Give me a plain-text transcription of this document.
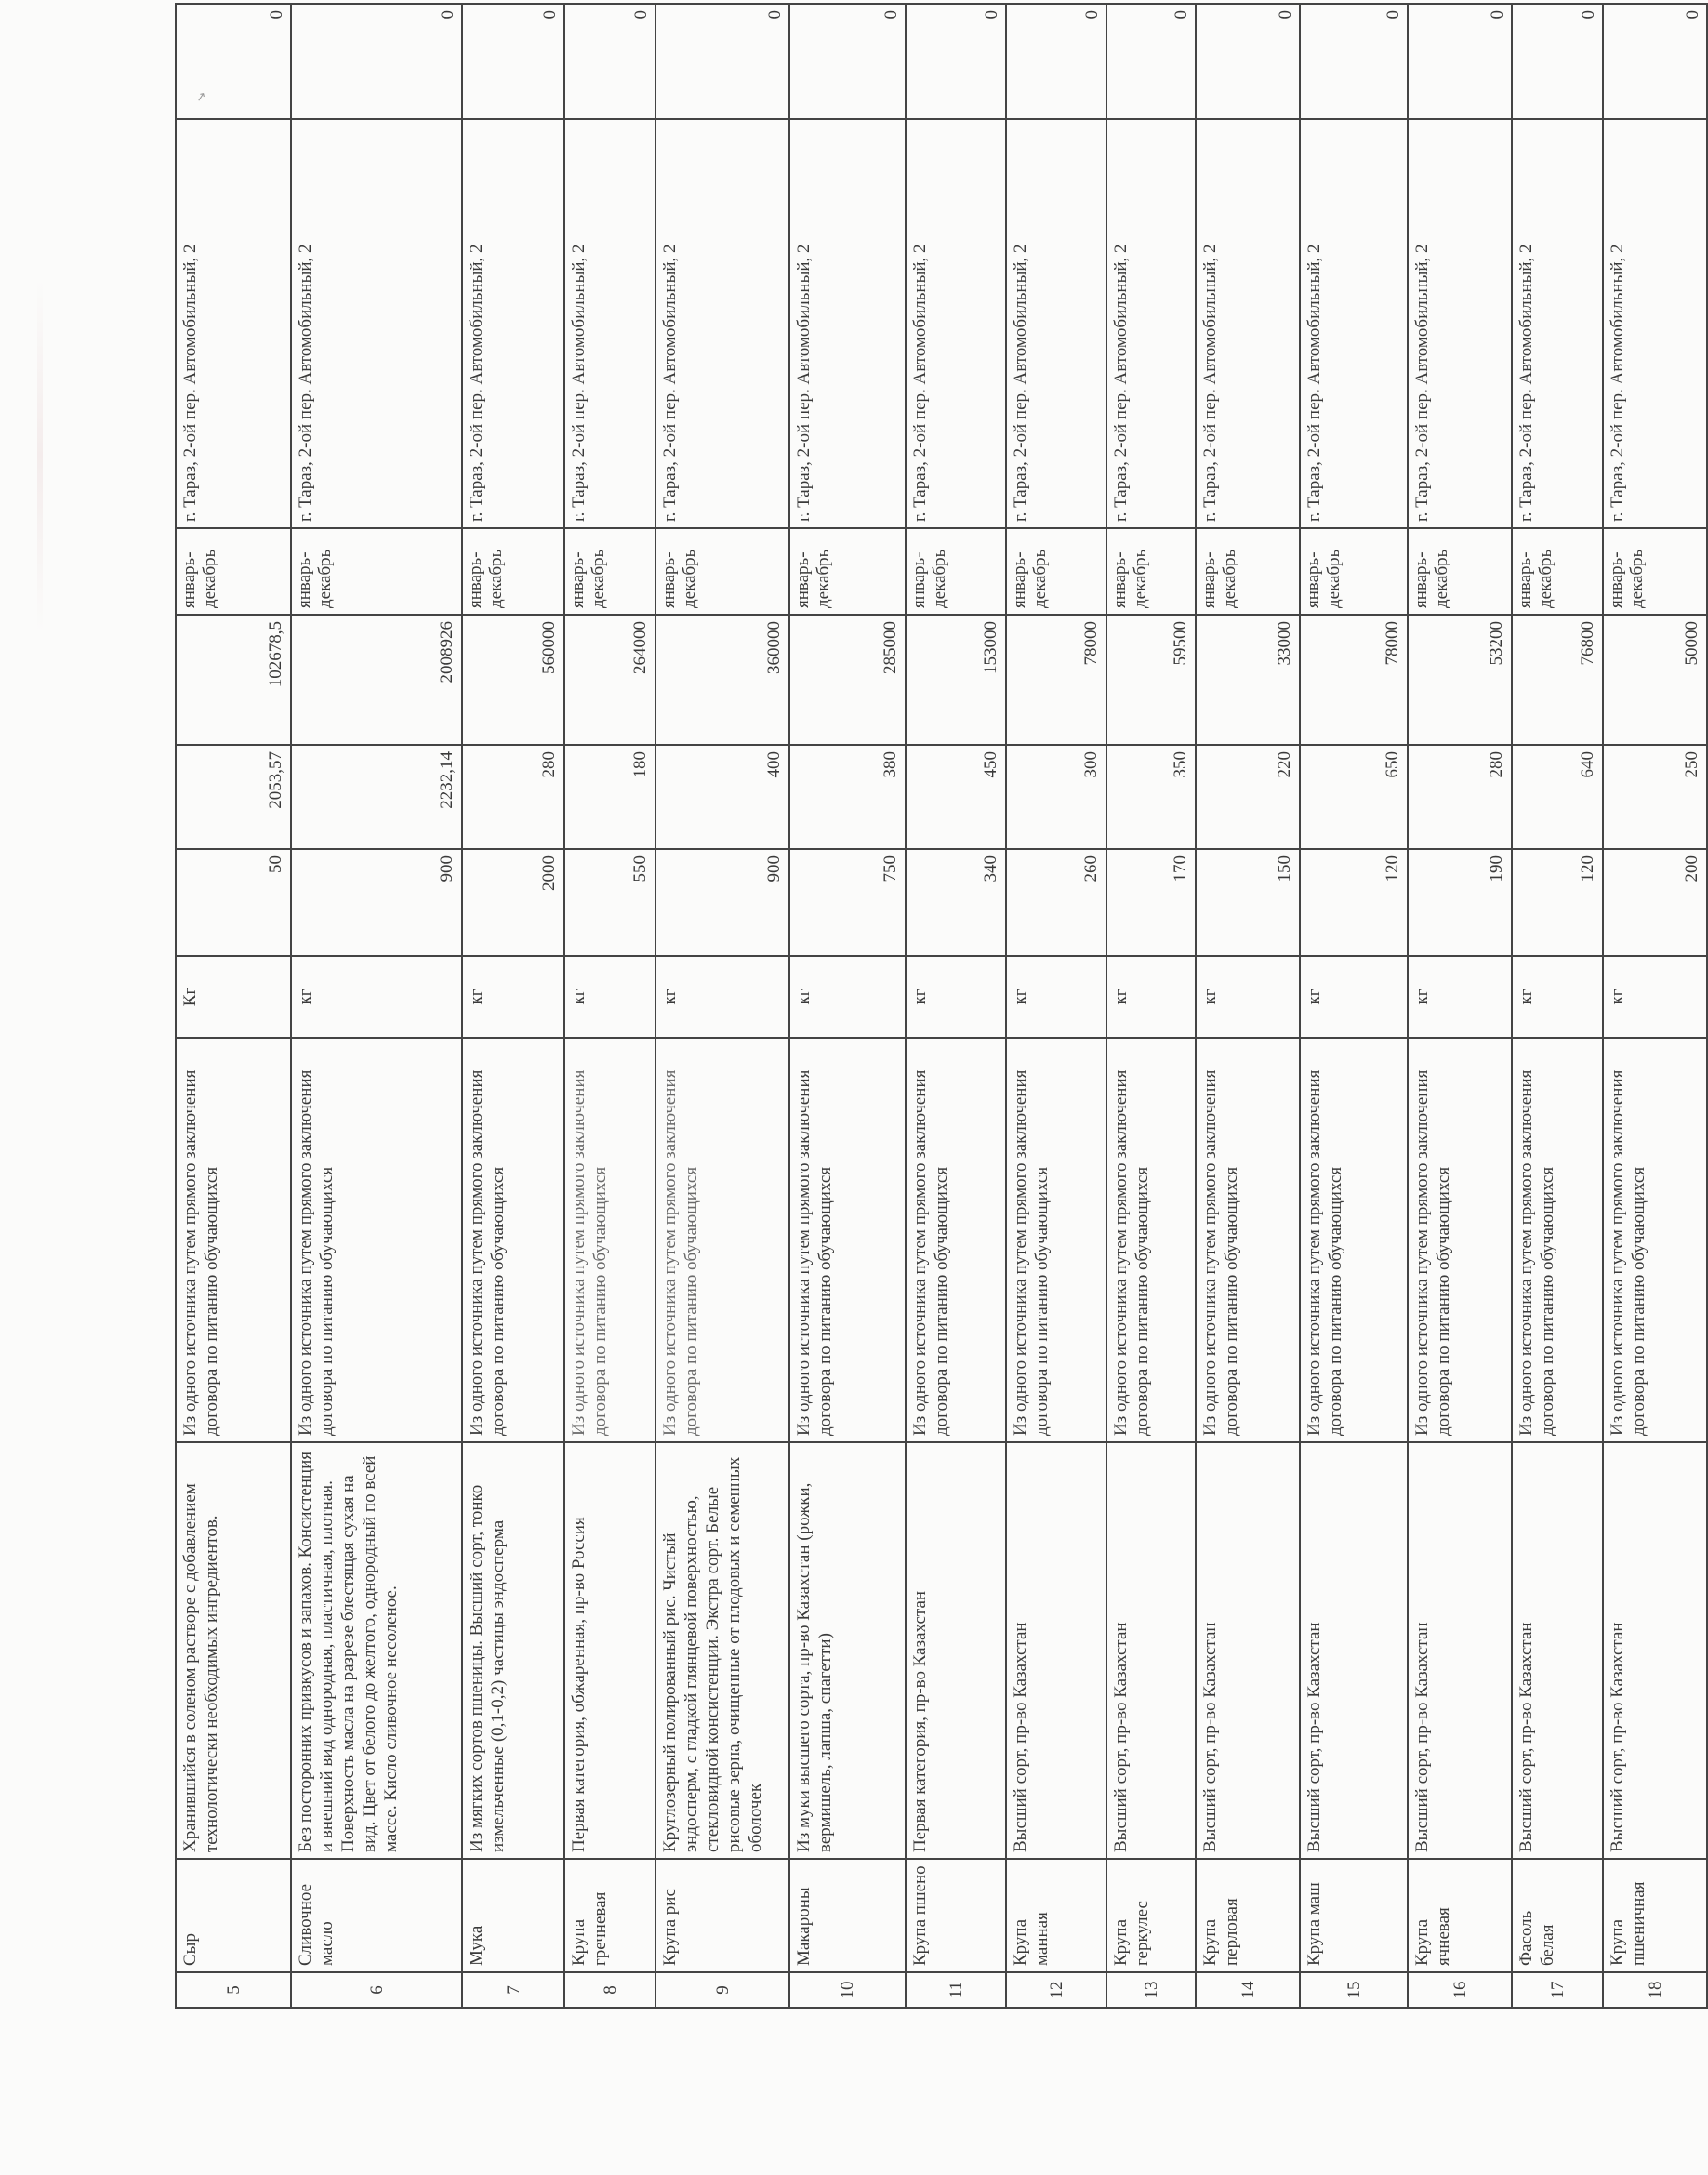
↗
5	Сыр	Хранившийся в соленом растворе с добавлением технологически необходимых ингредиентов.	Из одного источника путем прямого заключения договора по питанию обучающихся	Кг	50	2053,57	102678,5	январь-декабрь	г. Тараз, 2-ой пер. Автомобильный, 2	0
6	Сливочное масло	Без посторонних привкусов и запахов. Консистенция и внешний вид однородная, пластичная, плотная. Поверхность масла на разрезе блестящая сухая на вид. Цвет от белого до желтого, однородный по всей массе. Кисло сливочное несоленое.	Из одного источника путем прямого заключения договора по питанию обучающихся	кг	900	2232,14	2008926	январь-декабрь	г. Тараз, 2-ой пер. Автомобильный, 2	0
7	Мука	Из мягких сортов пшеницы. Высший сорт, тонко измельченные (0,1-0,2) частицы эндосперма	Из одного источника путем прямого заключения договора по питанию обучающихся	кг	2000	280	560000	январь-декабрь	г. Тараз, 2-ой пер. Автомобильный, 2	0
8	Крупа гречневая	Первая категория, обжаренная, пр-во Россия	Из одного источника путем прямого заключения договора по питанию обучающихся	кг	550	180	264000	январь-декабрь	г. Тараз, 2-ой пер. Автомобильный, 2	0
9	Крупа рис	Круглозерный полированный рис. Чистый эндосперм, с гладкой глянцевой поверхностью, стекловидной консистенции. Экстра сорт. Белые рисовые зерна, очищенные от плодовых и семенных оболочек	Из одного источника путем прямого заключения договора по питанию обучающихся	кг	900	400	360000	январь-декабрь	г. Тараз, 2-ой пер. Автомобильный, 2	0
10	Макароны	Из муки высшего сорта, пр-во Казахстан (рожки, вермишель, лапша, спагетти)	Из одного источника путем прямого заключения договора по питанию обучающихся	кг	750	380	285000	январь-декабрь	г. Тараз, 2-ой пер. Автомобильный, 2	0
11	Крупа пшено	Первая категория, пр-во Казахстан	Из одного источника путем прямого заключения договора по питанию обучающихся	кг	340	450	153000	январь-декабрь	г. Тараз, 2-ой пер. Автомобильный, 2	0
12	Крупа манная	Высший сорт, пр-во Казахстан	Из одного источника путем прямого заключения договора по питанию обучающихся	кг	260	300	78000	январь-декабрь	г. Тараз, 2-ой пер. Автомобильный, 2	0
13	Крупа геркулес	Высший сорт, пр-во Казахстан	Из одного источника путем прямого заключения договора по питанию обучающихся	кг	170	350	59500	январь-декабрь	г. Тараз, 2-ой пер. Автомобильный, 2	0
14	Крупа перловая	Высший сорт, пр-во Казахстан	Из одного источника путем прямого заключения договора по питанию обучающихся	кг	150	220	33000	январь-декабрь	г. Тараз, 2-ой пер. Автомобильный, 2	0
15	Крупа маш	Высший сорт, пр-во Казахстан	Из одного источника путем прямого заключения договора по питанию обучающихся	кг	120	650	78000	январь-декабрь	г. Тараз, 2-ой пер. Автомобильный, 2	0
16	Крупа ячневая	Высший сорт, пр-во Казахстан	Из одного источника путем прямого заключения договора по питанию обучающихся	кг	190	280	53200	январь-декабрь	г. Тараз, 2-ой пер. Автомобильный, 2	0
17	Фасоль белая	Высший сорт, пр-во Казахстан	Из одного источника путем прямого заключения договора по питанию обучающихся	кг	120	640	76800	январь-декабрь	г. Тараз, 2-ой пер. Автомобильный, 2	0
18	Крупа пшеничная	Высший сорт, пр-во Казахстан	Из одного источника путем прямого заключения договора по питанию обучающихся	кг	200	250	50000	январь-декабрь	г. Тараз, 2-ой пер. Автомобильный, 2	0
